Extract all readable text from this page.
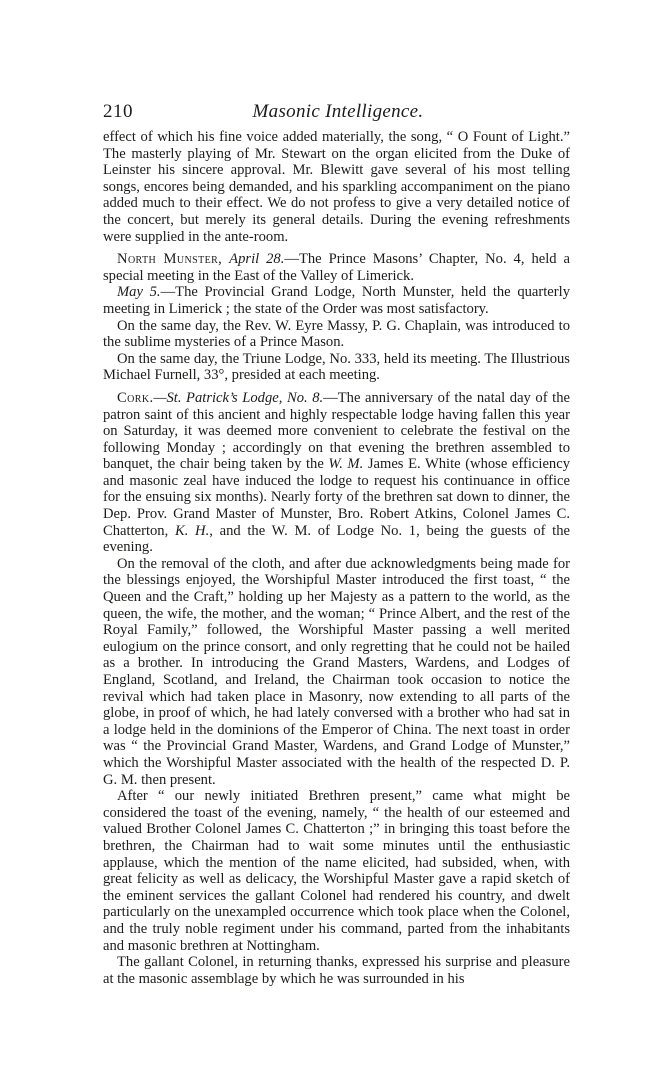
210	Masonic Intelligence.

effect of which his fine voice added materially, the song, “ O Fount of Light.” The masterly playing of Mr. Stewart on the organ elicited from the Duke of Leinster his sincere approval. Mr. Blewitt gave several of his most telling songs, encores being demanded, and his sparkling accompaniment on the piano added much to their effect. We do not profess to give a very detailed notice of the concert, but merely its general details. During the evening refreshments were supplied in the ante-room.

North Munster, April 28.—The Prince Masons’ Chapter, No. 4, held a special meeting in the East of the Valley of Limerick.

May 5.—The Provincial Grand Lodge, North Munster, held the quarterly meeting in Limerick ; the state of the Order was most satisfactory.

On the same day, the Rev. W. Eyre Massy, P. G. Chaplain, was introduced to the sublime mysteries of a Prince Mason.

On the same day, the Triune Lodge, No. 333, held its meeting. The Illustrious Michael Furnell, 33°, presided at each meeting.

Cork.—St. Patrick’s Lodge, No. 8.—The anniversary of the natal day of the patron saint of this ancient and highly respectable lodge having fallen this year on Saturday, it was deemed more convenient to celebrate the festival on the following Monday ; accordingly on that evening the brethren assembled to banquet, the chair being taken by the W. M. James E. White (whose efficiency and masonic zeal have induced the lodge to request his continuance in office for the ensuing six months). Nearly forty of the brethren sat down to dinner, the Dep. Prov. Grand Master of Munster, Bro. Robert Atkins, Colonel James C. Chatterton, K. H., and the W. M. of Lodge No. 1, being the guests of the evening.

On the removal of the cloth, and after due acknowledgments being made for the blessings enjoyed, the Worshipful Master introduced the first toast, “ the Queen and the Craft,” holding up her Majesty as a pattern to the world, as the queen, the wife, the mother, and the woman; “ Prince Albert, and the rest of the Royal Family,” followed, the Worshipful Master passing a well merited eulogium on the prince consort, and only regretting that he could not be hailed as a brother. In introducing the Grand Masters, Wardens, and Lodges of England, Scotland, and Ireland, the Chairman took occasion to notice the revival which had taken place in Masonry, now extending to all parts of the globe, in proof of which, he had lately conversed with a brother who had sat in a lodge held in the dominions of the Emperor of China. The next toast in order was “ the Provincial Grand Master, Wardens, and Grand Lodge of Munster,” which the Worshipful Master associated with the health of the respected D. P. G. M. then present.

After “ our newly initiated Brethren present,” came what might be considered the toast of the evening, namely, “ the health of our esteemed and valued Brother Colonel James C. Chatterton ;” in bringing this toast before the brethren, the Chairman had to wait some minutes until the enthusiastic applause, which the mention of the name elicited, had subsided, when, with great felicity as well as delicacy, the Worshipful Master gave a rapid sketch of the eminent services the gallant Colonel had rendered his country, and dwelt particularly on the unexampled occurrence which took place when the Colonel, and the truly noble regiment under his command, parted from the inhabitants and masonic brethren at Nottingham.

The gallant Colonel, in returning thanks, expressed his surprise and pleasure at the masonic assemblage by which he was surrounded in his
